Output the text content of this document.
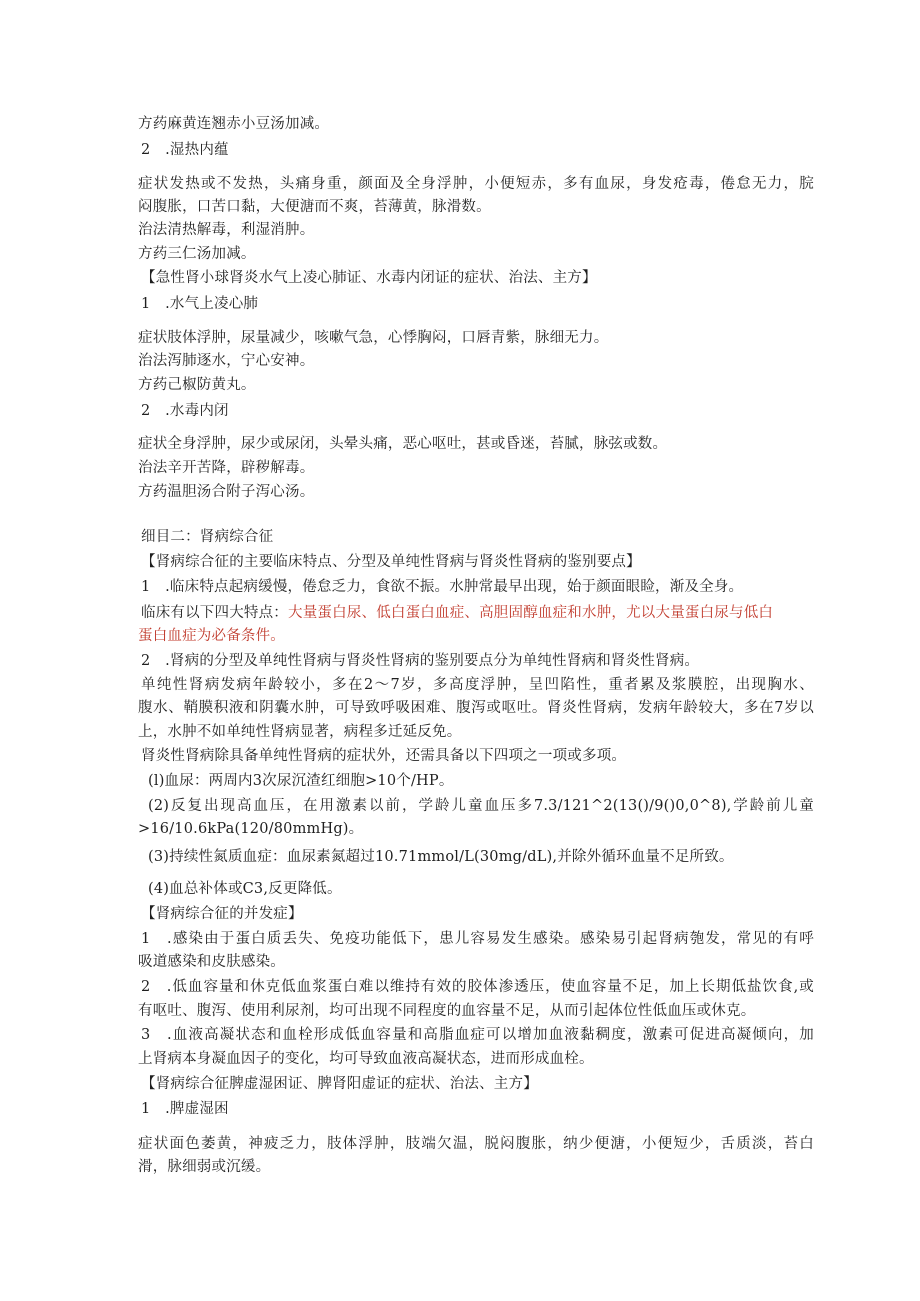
方药麻黄连翘赤小豆汤加减。
2　.湿热内蕴
症状发热或不发热，头痛身重，颜面及全身浮肿，小便短赤，多有血尿，身发疮毒，倦怠无力，脘
闷腹胀，口苦口黏，大便溏而不爽，苔薄黄，脉滑数。
治法清热解毒，利湿消肿。
方药三仁汤加减。
【急性肾小球肾炎水气上凌心肺证、水毒内闭证的症状、治法、主方】
1　.水气上凌心肺
症状肢体浮肿，尿量减少，咳嗽气急，心悸胸闷，口唇青紫，脉细无力。
治法泻肺逐水，宁心安神。
方药己椒防黄丸。
2　.水毒内闭
症状全身浮肿，尿少或尿闭，头晕头痛，恶心呕吐，甚或昏迷，苔腻，脉弦或数。
治法辛开苦降，辟秽解毒。
方药温胆汤合附子泻心汤。
细目二：肾病综合征
【肾病综合征的主要临床特点、分型及单纯性肾病与肾炎性肾病的鉴别要点】
1　.临床特点起病缓慢，倦怠乏力，食欲不振。水肿常最早出现，始于颜面眼睑，渐及全身。
临床有以下四大特点：大量蛋白尿、低白蛋白血症、高胆固醇血症和水肿，尤以大量蛋白尿与低白
蛋白血症为必备条件。
2　.肾病的分型及单纯性肾病与肾炎性肾病的鉴别要点分为单纯性肾病和肾炎性肾病。
单纯性肾病发病年龄较小，多在2～7岁，多高度浮肿，呈凹陷性，重者累及浆膜腔，出现胸水、
腹水、鞘膜积液和阴囊水肿，可导致呼吸困难、腹泻或呕吐。肾炎性肾病，发病年龄较大，多在7岁以
上，水肿不如单纯性肾病显著，病程多迁延反免。
肾炎性肾病除具备单纯性肾病的症状外，还需具备以下四项之一项或多项。
(l)血尿：两周内3次尿沉渣红细胞>10个/HP。
(2)反复出现高血压，在用激素以前，学龄儿童血压多7.3/121^2(13()/9()0,0^8),学龄前儿童
>16/10.6kPa(120/80mmHg)。
(3)持续性氮质血症：血尿素氮超过10.71mmol/L(30mg∕dL),并除外循环血量不足所致。
(4)血总补体或C3,反更降低。
【肾病综合征的并发症】
1　.感染由于蛋白质丢失、免疫功能低下，患儿容易发生感染。感染易引起肾病匏发，常见的有呼
吸道感染和皮肤感染。
2　.低血容量和休克低血浆蛋白难以维持有效的胶体渗透压，使血容量不足，加上长期低盐饮食,或
有呕吐、腹泻、使用利尿剂，均可出现不同程度的血容量不足，从而引起体位性低血压或休克。
3　.血液高凝状态和血栓形成低血容量和高脂血症可以增加血液黏稠度，激素可促进高凝倾向，加
上肾病本身凝血因子的变化，均可导致血液高凝状态，进而形成血栓。
【肾病综合征脾虚湿困证、脾肾阳虚证的症状、治法、主方】
1　.脾虚湿困
症状面色萎黄，神疲乏力，肢体浮肿，肢端欠温，脱闷腹胀，纳少便溏，小便短少，舌质淡，苔白
滑，脉细弱或沉缓。
